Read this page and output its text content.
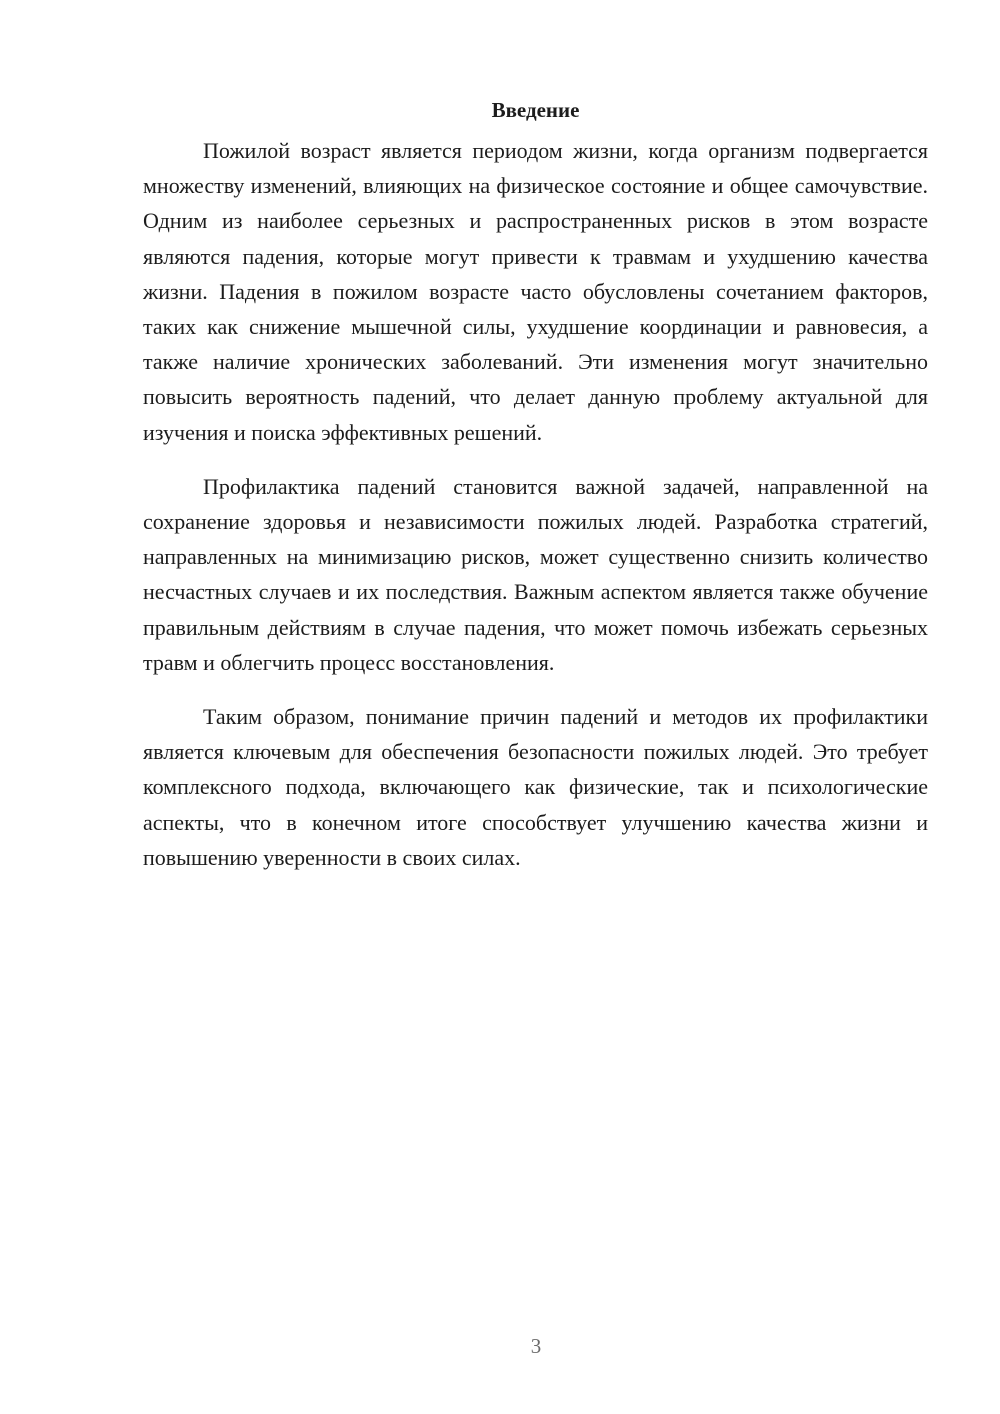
Введение

Пожилой возраст является периодом жизни, когда организм подвергается множеству изменений, влияющих на физическое состояние и общее самочувствие. Одним из наиболее серьезных и распространенных рисков в этом возрасте являются падения, которые могут привести к травмам и ухудшению качества жизни. Падения в пожилом возрасте часто обусловлены сочетанием факторов, таких как снижение мышечной силы, ухудшение координации и равновесия, а также наличие хронических заболеваний. Эти изменения могут значительно повысить вероятность падений, что делает данную проблему актуальной для изучения и поиска эффективных решений.

Профилактика падений становится важной задачей, направленной на сохранение здоровья и независимости пожилых людей. Разработка стратегий, направленных на минимизацию рисков, может существенно снизить количество несчастных случаев и их последствия. Важным аспектом является также обучение правильным действиям в случае падения, что может помочь избежать серьезных травм и облегчить процесс восстановления.

Таким образом, понимание причин падений и методов их профилактики является ключевым для обеспечения безопасности пожилых людей. Это требует комплексного подхода, включающего как физические, так и психологические аспекты, что в конечном итоге способствует улучшению качества жизни и повышению уверенности в своих силах.

3
